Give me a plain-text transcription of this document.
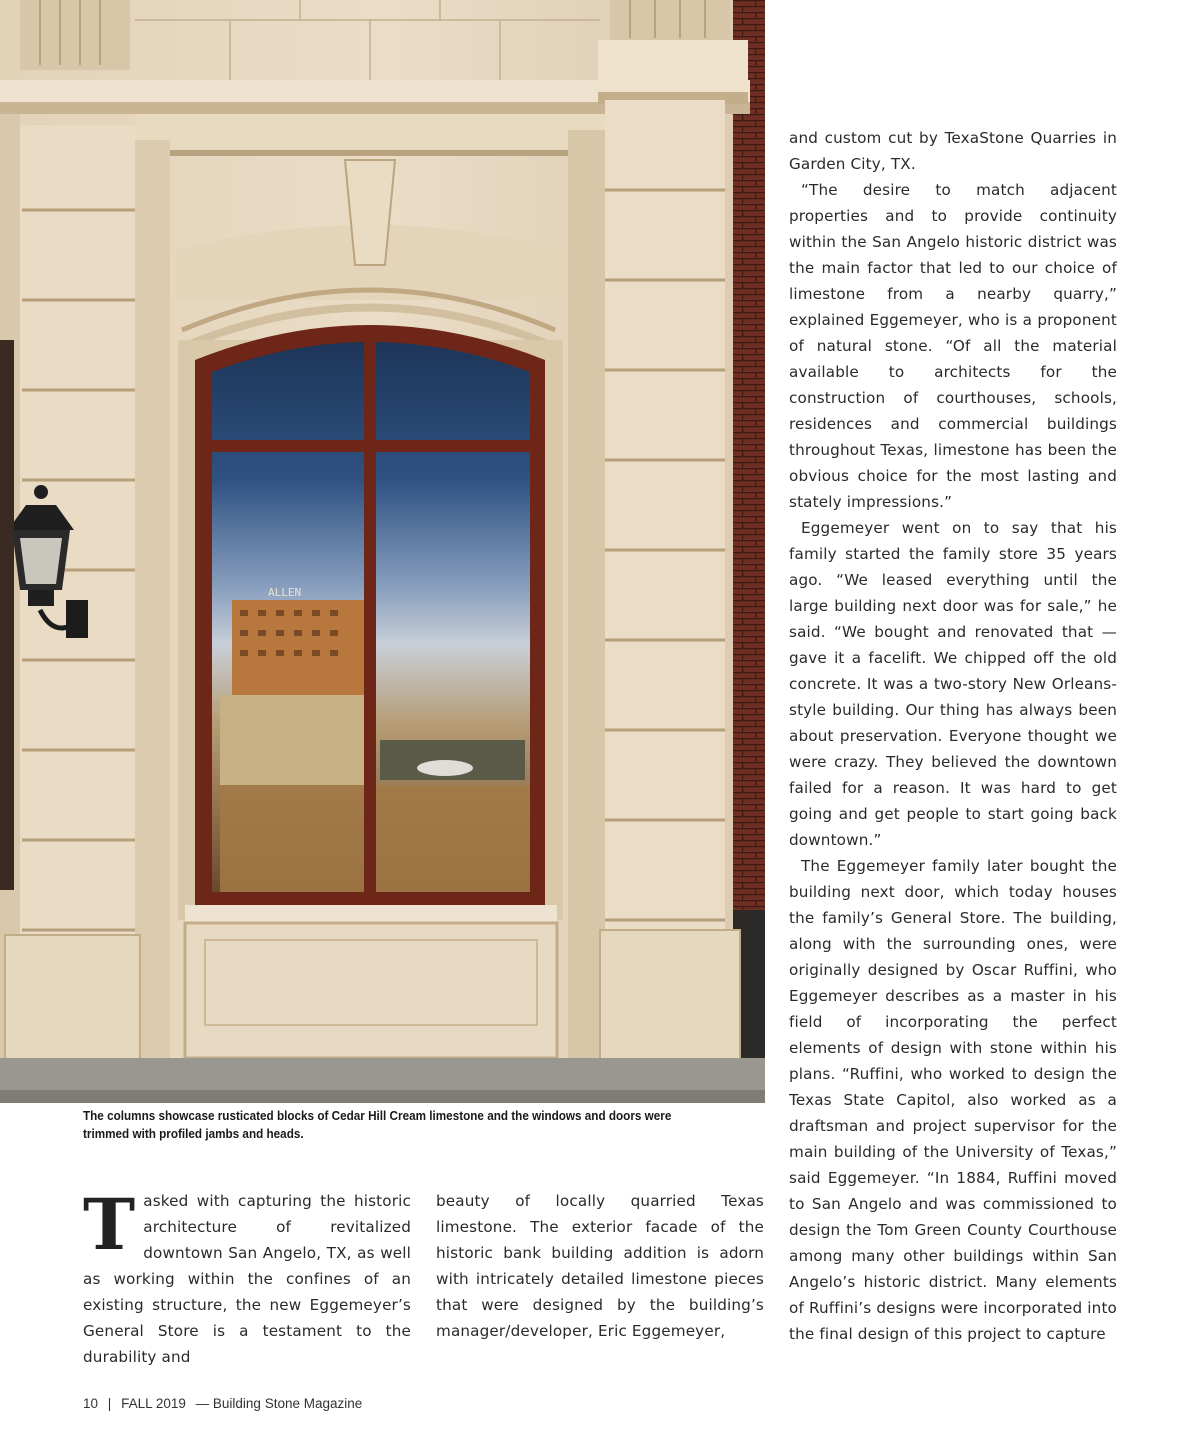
ALLEN
The columns showcase rusticated blocks of Cedar Hill Cream limestone and the windows and doors were trimmed with profiled jambs and heads.
T asked with capturing the historic architecture of revitalized downtown San Angelo, TX, as well as working within the confines of an existing structure, the new Eggemeyer’s General Store is a testament to the durability and

beauty of locally quarried Texas limestone. The exterior facade of the historic bank building addition is adorn with intricately detailed limestone pieces that were designed by the building’s manager/developer, Eric Eggemeyer,

and custom cut by TexaStone Quarries in Garden City, TX.

“The desire to match adjacent properties and to provide continuity within the San Angelo historic district was the main factor that led to our choice of limestone from a nearby quarry,” explained Eggemeyer, who is a proponent of natural stone. “Of all the material available to architects for the construction of courthouses, schools, residences and commercial buildings throughout Texas, limestone has been the obvious choice for the most lasting and stately impressions.”

Eggemeyer went on to say that his family started the family store 35 years ago. “We leased everything until the large building next door was for sale,” he said. “We bought and renovated that — gave it a facelift. We chipped off the old concrete. It was a two-story New Orleans-style building. Our thing has always been about preservation. Everyone thought we were crazy. They believed the downtown failed for a reason. It was hard to get going and get people to start going back downtown.”

The Eggemeyer family later bought the building next door, which today houses the family’s General Store. The building, along with the surrounding ones, were originally designed by Oscar Ruffini, who Eggemeyer describes as a master in his field of incorporating the perfect elements of design with stone within his plans. “Ruffini, who worked to design the Texas State Capitol, also worked as a draftsman and project supervisor for the main building of the University of Texas,” said Eggemeyer. “In 1884, Ruffini moved to San Angelo and was commissioned to design the Tom Green County Courthouse among many other buildings within San Angelo’s historic district. Many elements of Ruffini’s designs were incorporated into the final design of this project to capture

10 | FALL 2019 — Building Stone Magazine
